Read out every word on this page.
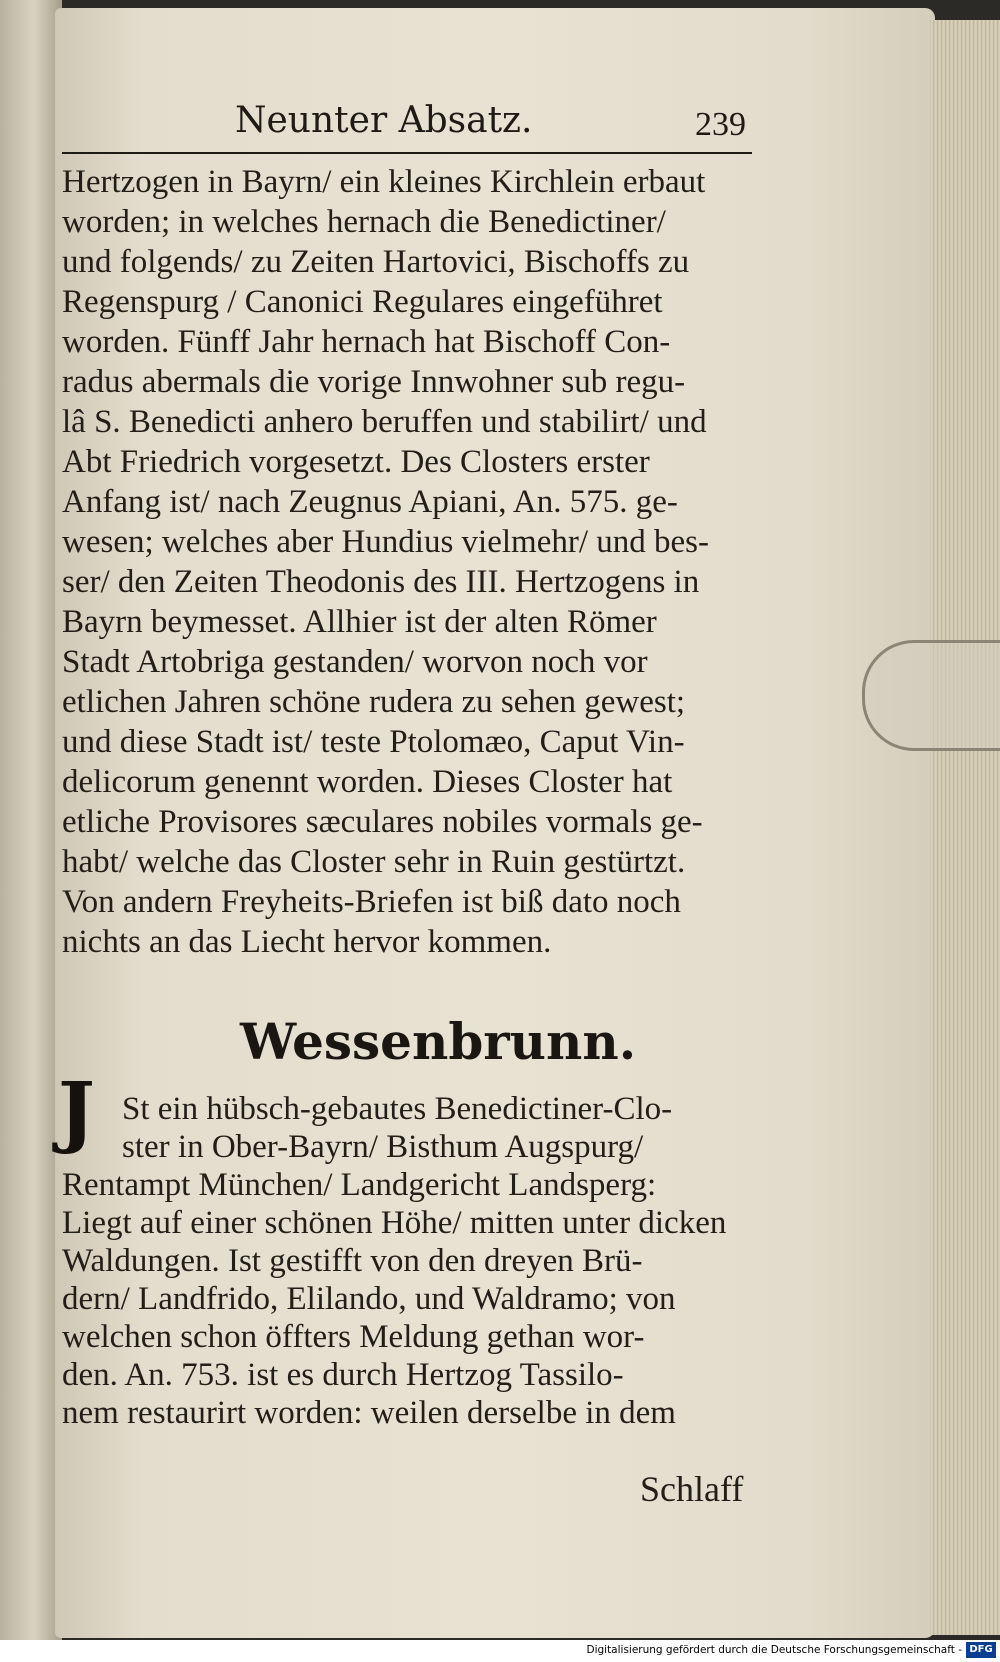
Neunter Absatz.	239
Hertzogen in Bayrn/ ein kleines Kirchlein erbaut
worden; in welches hernach die Benedictiner/
und folgends/ zu Zeiten Hartovici, Bischoffs zu
Regenspurg / Canonici Regulares eingeführet
worden. Fünff Jahr hernach hat Bischoff Con-
radus abermals die vorige Innwohner sub regu-
lâ S. Benedicti anhero beruffen und stabilirt/ und
Abt Friedrich vorgesetzt. Des Closters erster
Anfang ist/ nach Zeugnus Apiani, An. 575. ge-
wesen; welches aber Hundius vielmehr/ und bes-
ser/ den Zeiten Theodonis des III. Hertzogens in
Bayrn beymesset. Allhier ist der alten Römer
Stadt Artobriga gestanden/ worvon noch vor
etlichen Jahren schöne rudera zu sehen gewest;
und diese Stadt ist/ teste Ptolomæo, Caput Vin-
delicorum genennt worden. Dieses Closter hat
etliche Provisores sæculares nobiles vormals ge-
habt/ welche das Closter sehr in Ruin gestürtzt.
Von andern Freyheits-Briefen ist biß dato noch
nichts an das Liecht hervor kommen.
Wessenbrunn.
J St ein hübsch-gebautes Benedictiner-Clo-
ster in Ober-Bayrn/ Bisthum Augspurg/
Rentampt München/ Landgericht Landsperg:
Liegt auf einer schönen Höhe/ mitten unter dicken
Waldungen. Ist gestifft von den dreyen Brü-
dern/ Landfrido, Elilando, und Waldramo; von
welchen schon öffters Meldung gethan wor-
den. An. 753. ist es durch Hertzog Tassilo-
nem restaurirt worden: weilen derselbe in dem
Schlaff
Digitalisierung gefördert durch die Deutsche Forschungsgemeinschaft - DFG
